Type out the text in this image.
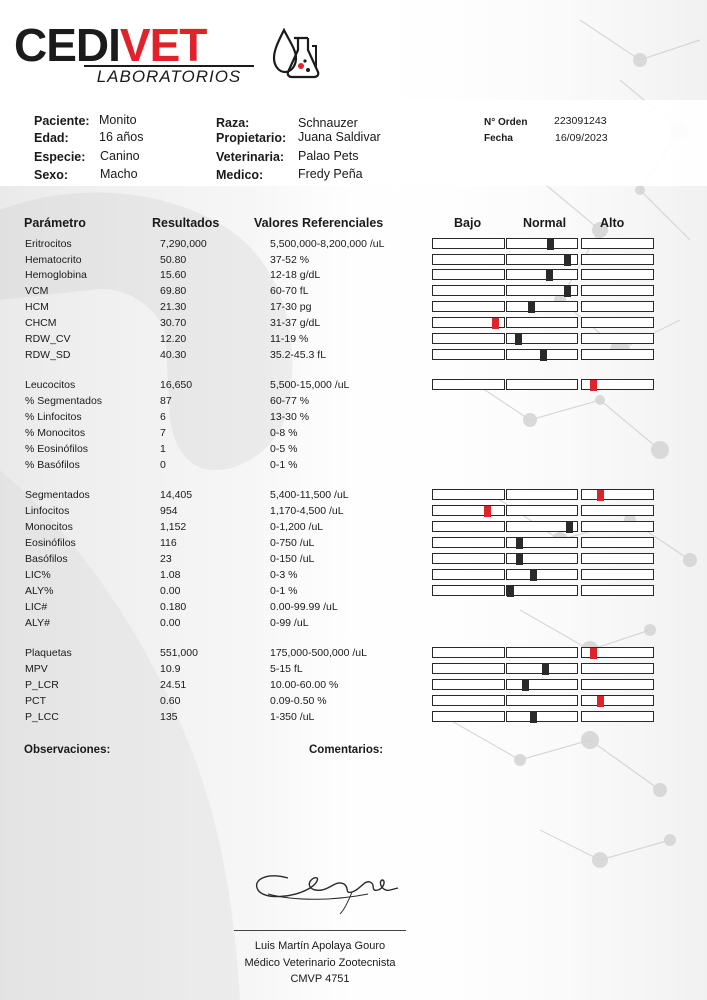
CEDIVET
LABORATORIOS
Paciente: Monito
Edad: 16 años
Especie: Canino
Sexo:	Macho
Raza:	Schnauzer
Propietario: Juana Saldivar
Veterinaria: Palao Pets
Medico:	Fredy Peña
N° Orden	223091243
Fecha	16/09/2023
Parámetro	Resultados	Valores Referenciales	Bajo	Normal	Alto
Eritrocitos	7,290,000	5,500,000-8,200,000 /uL
Hematocrito	50.80	37-52 %
Hemoglobina	15.60	12-18 g/dL
VCM	69.80	60-70 fL
HCM	21.30	17-30 pg
CHCM	30.70	31-37 g/dL
RDW_CV	12.20	11-19 %
RDW_SD	40.30	35.2-45.3 fL
Leucocitos	16,650	5,500-15,000 /uL
% Segmentados	87	60-77 %
% Linfocitos	6	13-30 %
% Monocitos	7	0-8 %
% Eosinófilos	1	0-5 %
% Basófilos	0	0-1 %
Segmentados	14,405	5,400-11,500 /uL
Linfocitos	954	1,170-4,500 /uL
Monocitos	1,152	0-1,200 /uL
Eosinófilos	116	0-750 /uL
Basófilos	23	0-150 /uL
LIC%	1.08	0-3 %
ALY%	0.00	0-1 %
LIC#	0.180	0.00-99.99 /uL
ALY#	0.00	0-99 /uL
Plaquetas	551,000	175,000-500,000 /uL
MPV	10.9	5-15 fL
P_LCR	24.51	10.00-60.00 %
PCT	0.60	0.09-0.50 %
P_LCC	135	1-350 /uL
Observaciones:	Comentarios:
Luis Martín Apolaya Gouro
Médico Veterinario Zootecnista
CMVP 4751
